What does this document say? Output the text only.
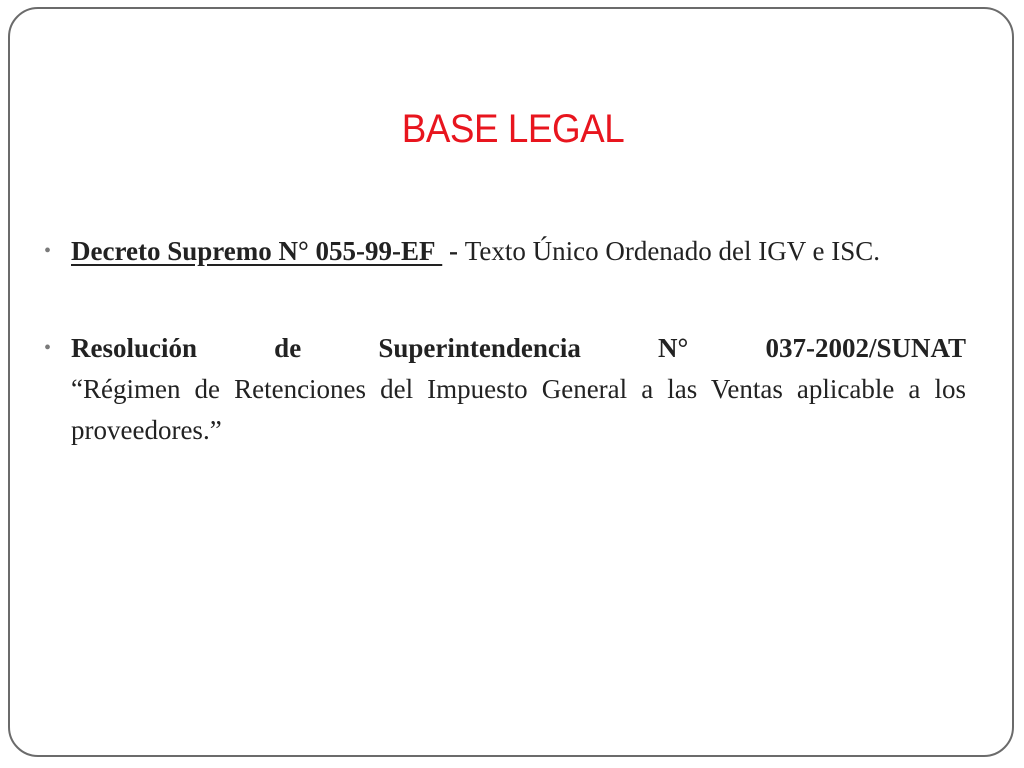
BASE LEGAL
• Decreto Supremo N° 055-99-EF  - Texto Único Ordenado del IGV e ISC.
• Resolución de Superintendencia N° 037-2002/SUNAT
“Régimen de Retenciones del Impuesto General a las Ventas aplicable a los proveedores.”
